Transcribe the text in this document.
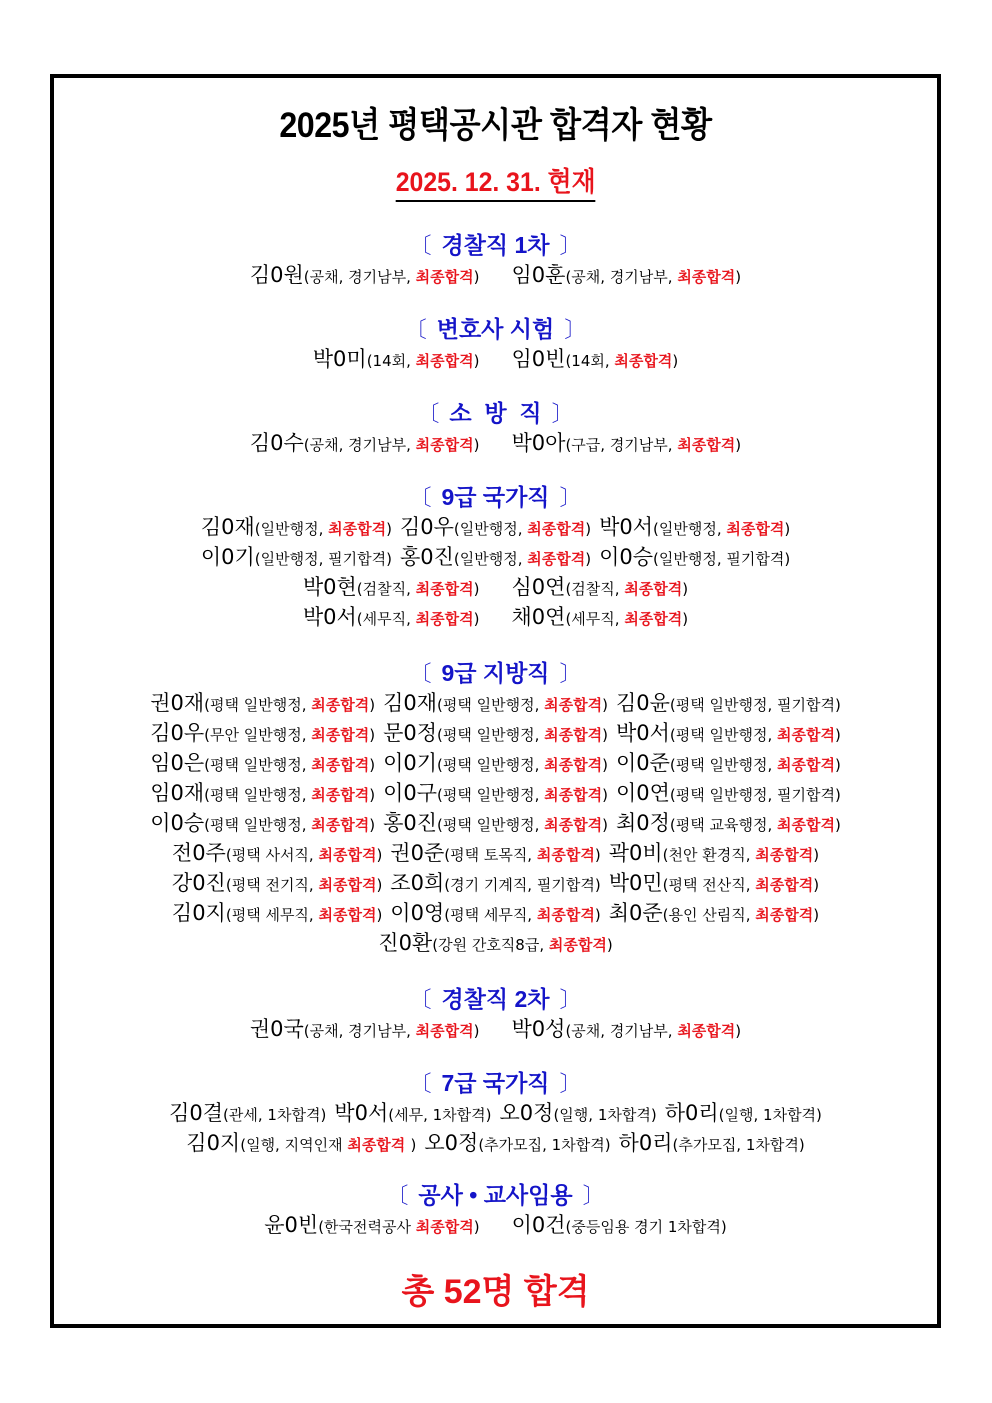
2025년 평택공시관 합격자 현황
2025. 12. 31. 현재
〔 경찰직 1차 〕
김0원(공채, 경기남부, 최종합격) 임0훈(공채, 경기남부, 최종합격)
〔 변호사 시험 〕
박0미(14회, 최종합격) 임0빈(14회, 최종합격)
〔 소  방  직 〕
김0수(공채, 경기남부, 최종합격) 박0아(구급, 경기남부, 최종합격)
〔 9급 국가직 〕
김0재(일반행정, 최종합격) 김0우(일반행정, 최종합격) 박0서(일반행정, 최종합격)
이0기(일반행정, 필기합격) 홍0진(일반행정, 최종합격) 이0승(일반행정, 필기합격)
박0현(검찰직, 최종합격) 심0연(검찰직, 최종합격)
박0서(세무직, 최종합격) 채0연(세무직, 최종합격)
〔 9급 지방직 〕
권0재(평택 일반행정, 최종합격) 김0재(평택 일반행정, 최종합격) 김0윤(평택 일반행정, 필기합격)
김0우(무안 일반행정, 최종합격) 문0정(평택 일반행정, 최종합격) 박0서(평택 일반행정, 최종합격)
임0은(평택 일반행정, 최종합격) 이0기(평택 일반행정, 최종합격) 이0준(평택 일반행정, 최종합격)
임0재(평택 일반행정, 최종합격) 이0구(평택 일반행정, 최종합격) 이0연(평택 일반행정, 필기합격)
이0승(평택 일반행정, 최종합격) 홍0진(평택 일반행정, 최종합격) 최0정(평택 교육행정, 최종합격)
전0주(평택 사서직, 최종합격) 권0준(평택 토목직, 최종합격) 곽0비(천안 환경직, 최종합격)
강0진(평택 전기직, 최종합격) 조0희(경기 기계직, 필기합격) 박0민(평택 전산직, 최종합격)
김0지(평택 세무직, 최종합격) 이0영(평택 세무직, 최종합격) 최0준(용인 산림직, 최종합격)
진0환(강원 간호직8급, 최종합격)
〔 경찰직 2차 〕
권0국(공채, 경기남부, 최종합격) 박0성(공채, 경기남부, 최종합격)
〔 7급 국가직 〕
김0결(관세, 1차합격) 박0서(세무, 1차합격) 오0정(일행, 1차합격) 하0리(일행, 1차합격)
김0지(일행, 지역인재 최종합격 ) 오0정(추가모집, 1차합격) 하0리(추가모집, 1차합격)
〔 공사 • 교사임용 〕
윤0빈(한국전력공사 최종합격) 이0건(중등임용 경기 1차합격)
총 52명 합격
